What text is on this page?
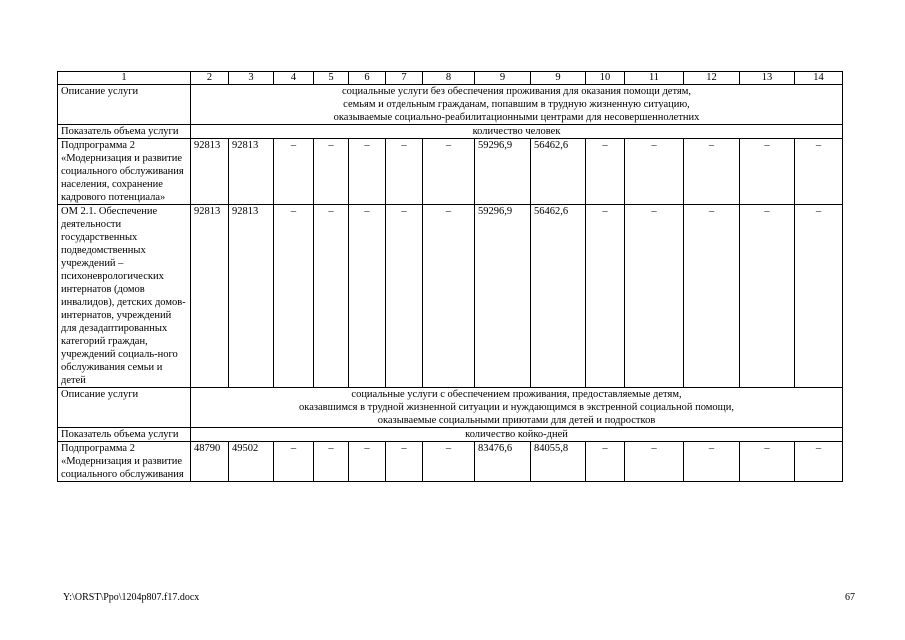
1	2	3	4	5	6	7	8	9	9	10	11	12	13	14
Описание услуги	социальные услуги без обеспечения проживания для оказания помощи детям,
семьям и отдельным гражданам, попавшим в трудную жизненную ситуацию,
оказываемые социально-реабилитационными центрами для несовершеннолетних													

Показатель объема услуги	количество человек													
Подпрограмма 2 «Модернизация и развитие социального обслуживания населения, сохранение кадрового потенциала»	92813	92813	–	–	–	–	–	59296,9	56462,6	–	–	–	–	–
ОМ 2.1. Обеспечение деятельности государственных подведомственных учреждений – психоневрологических интернатов (домов инвалидов), детских домов-интернатов, учреждений для дезадаптированных категорий граждан, учреждений социаль-ного обслуживания семьи и детей	92813	92813	–	–	–	–	–	59296,9	56462,6	–	–	–	–	–
Описание услуги	социальные услуги с обеспечением проживания, предоставляемые детям,
оказавшимся в трудной жизненной ситуации и нуждающимся в экстренной социальной помощи,
оказываемые социальными приютами для детей и подростков													

Показатель объема услуги	количество койко-дней													
Подпрограмма 2 «Модернизация и развитие социального обслуживания	48790	49502	–	–	–	–	–	83476,6	84055,8	–	–	–	–	–
Y:\ORST\Ppo\1204p807.f17.docx	67
